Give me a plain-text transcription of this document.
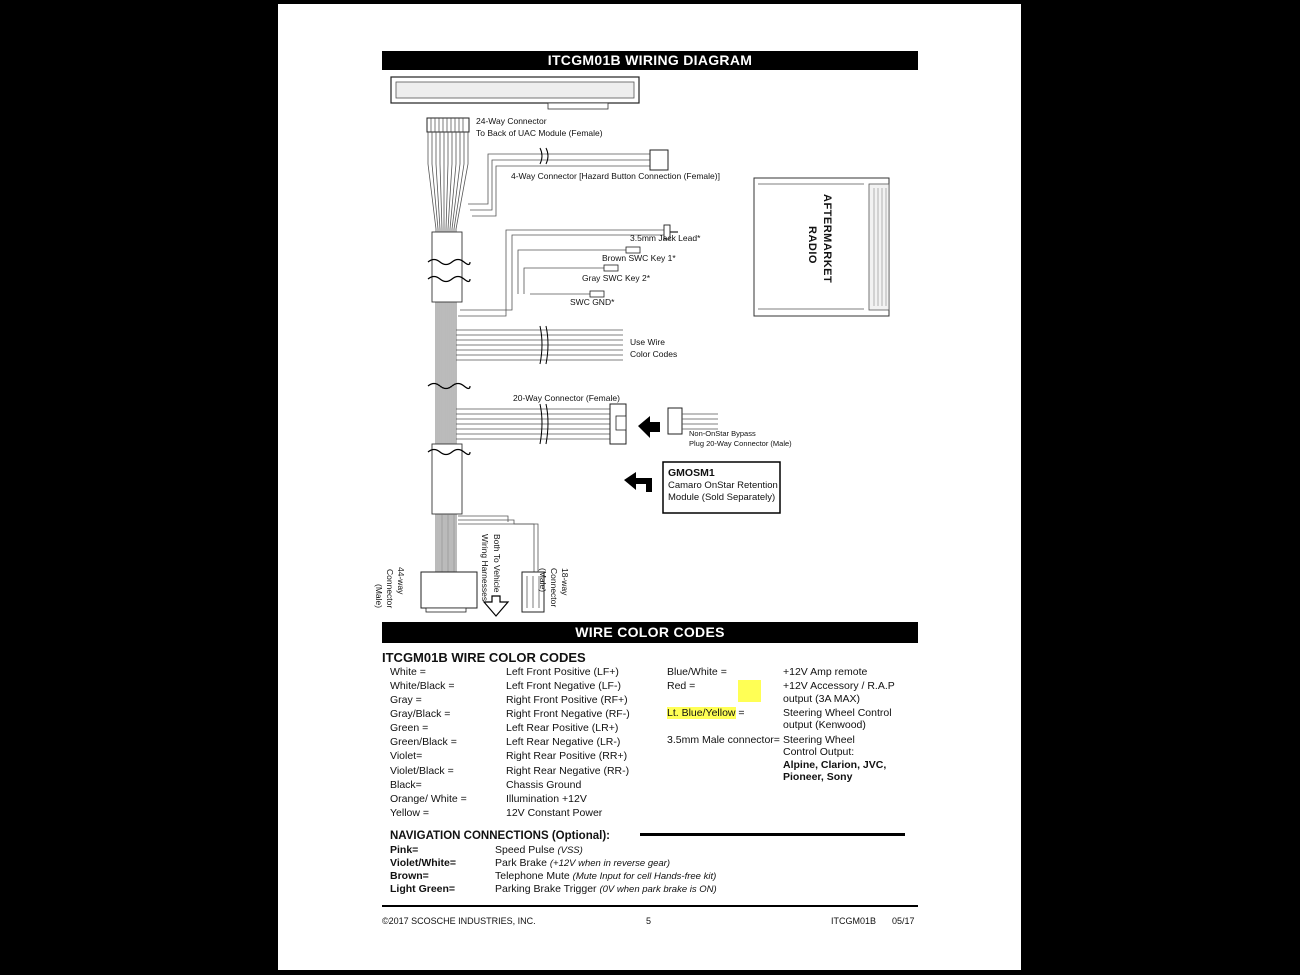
ITCGM01B WIRING DIAGRAM
24-Way Connector
To Back of UAC Module (Female)
4-Way Connector [Hazard Button Connection (Female)]
3.5mm Jack Lead*
Brown SWC Key 1*
Gray SWC Key 2*
SWC GND*
Use Wire
Color Codes
20-Way Connector (Female)
Non-OnStar Bypass
Plug 20-Way Connector (Male)
GMOSM1
Camaro OnStar Retention
Module (Sold Separately)
AFTERMARKET
RADIO
(Male) Connector 44-way	Both To Vehicle
Wiring Harnesses	18-way
Connector
(Male)
WIRE COLOR CODES
ITCGM01B WIRE COLOR CODES
White =	Left Front Positive (LF+)
White/Black =	Left Front Negative (LF-)
Gray =	Right Front Positive (RF+)
Gray/Black =	Right Front Negative (RF-)
Green =	Left Rear Positive (LR+)
Green/Black =	Left Rear Negative (LR-)
Violet=	Right Rear Positive (RR+)
Violet/Black =	Right Rear Negative (RR-)
Black=	Chassis Ground
Orange/ White =	Illumination +12V
Yellow =	12V Constant Power
Blue/White =	+12V Amp remote
Red =	+12V Accessory / R.A.P
output (3A MAX)
Lt. Blue/Yellow =	Steering Wheel Control
output (Kenwood)
3.5mm Male connector= Steering Wheel
Control Output:
Alpine, Clarion, JVC,
Pioneer, Sony
NAVIGATION CONNECTIONS (Optional):
Pink=	Speed Pulse (VSS)
Violet/White=	Park Brake (+12V when in reverse gear)
Brown=	Telephone Mute (Mute Input for cell Hands-free kit)
Light Green=	Parking Brake Trigger (0V when park brake is ON)
©2017 SCOSCHE INDUSTRIES, INC.	5	ITCGM01B 05/17
